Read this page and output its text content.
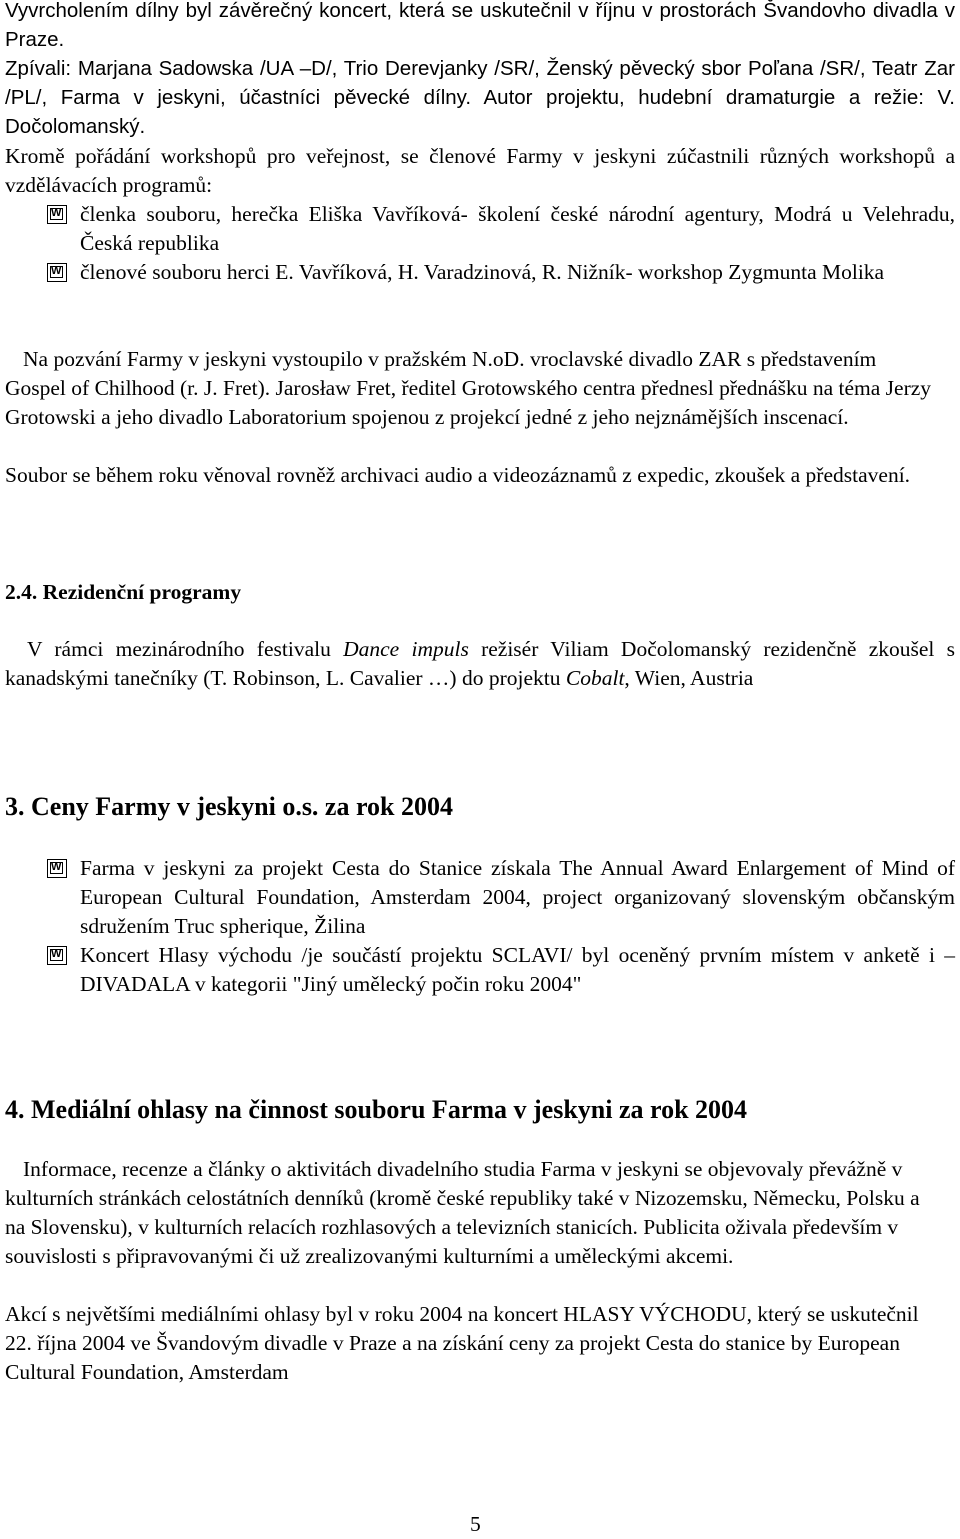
Vyvrcholením dílny byl závěrečný koncert, která se uskutečnil v říjnu v prostorách Švandovho divadla v Praze.

Zpívali: Marjana Sadowska /UA –D/, Trio Derevjanky /SR/, Ženský pěvecký sbor Poľana /SR/, Teatr Zar /PL/, Farma v jeskyni, účastníci pěvecké dílny. Autor projektu, hudební dramaturgie a režie: V. Dočolomanský.

Kromě pořádání workshopů pro veřejnost, se členové Farmy v jeskyni zúčastnili různých workshopů a vzdělávacích programů:

W
členka souboru, herečka Eliška Vavříková- školení české národní agentury, Modrá u Velehradu, Česká republika
W
členové souboru herci E. Vavříková, H. Varadzinová, R. Nižník- workshop Zygmunta Molika

Na pozvání Farmy v jeskyni vystoupilo v pražském N.oD. vroclavské divadlo ZAR s představením Gospel of Chilhood (r. J. Fret). Jarosław Fret, ředitel Grotowského centra přednesl přednášku na téma Jerzy Grotowski a jeho divadlo Laboratorium spojenou z projekcí jedné z jeho nejznámějších inscenací.

Soubor se během roku věnoval rovněž archivaci audio a videozáznamů z expedic, zkoušek a představení.

2.4. Rezidenční programy

V rámci mezinárodního festivalu Dance impuls režisér Viliam Dočolomanský rezidenčně zkoušel s kanadskými tanečníky (T. Robinson, L. Cavalier …) do projektu Cobalt, Wien, Austria

3. Ceny Farmy v jeskyni o.s. za rok 2004
W
Farma v jeskyni za projekt Cesta do Stanice získala The Annual Award Enlargement of Mind of European Cultural Foundation, Amsterdam 2004, project organizovaný slovenským občanským sdružením Truc spherique, Žilina
W
Koncert Hlasy východu /je součástí projektu SCLAVI/ byl oceněný prvním místem v anketě i – DIVADALA v kategorii "Jiný umělecký počin roku 2004"
4. Mediální ohlasy na činnost souboru Farma v jeskyni za rok 2004

Informace, recenze a články o aktivitách divadelního studia Farma v jeskyni se objevovaly převážně v kulturních stránkách celostátních denníků (kromě české republiky také v Nizozemsku, Německu, Polsku a na Slovensku), v kulturních relacích rozhlasových a televizních stanicích. Publicita oživala především v souvislosti s připravovanými či už zrealizovanými kulturními a uměleckými akcemi.

Akcí s největšími mediálními ohlasy byl v roku 2004 na koncert HLASY VÝCHODU, který se uskutečnil 22. října 2004 ve Švandovým divadle v Praze a na získání ceny za projekt Cesta do stanice by European Cultural Foundation, Amsterdam

5
